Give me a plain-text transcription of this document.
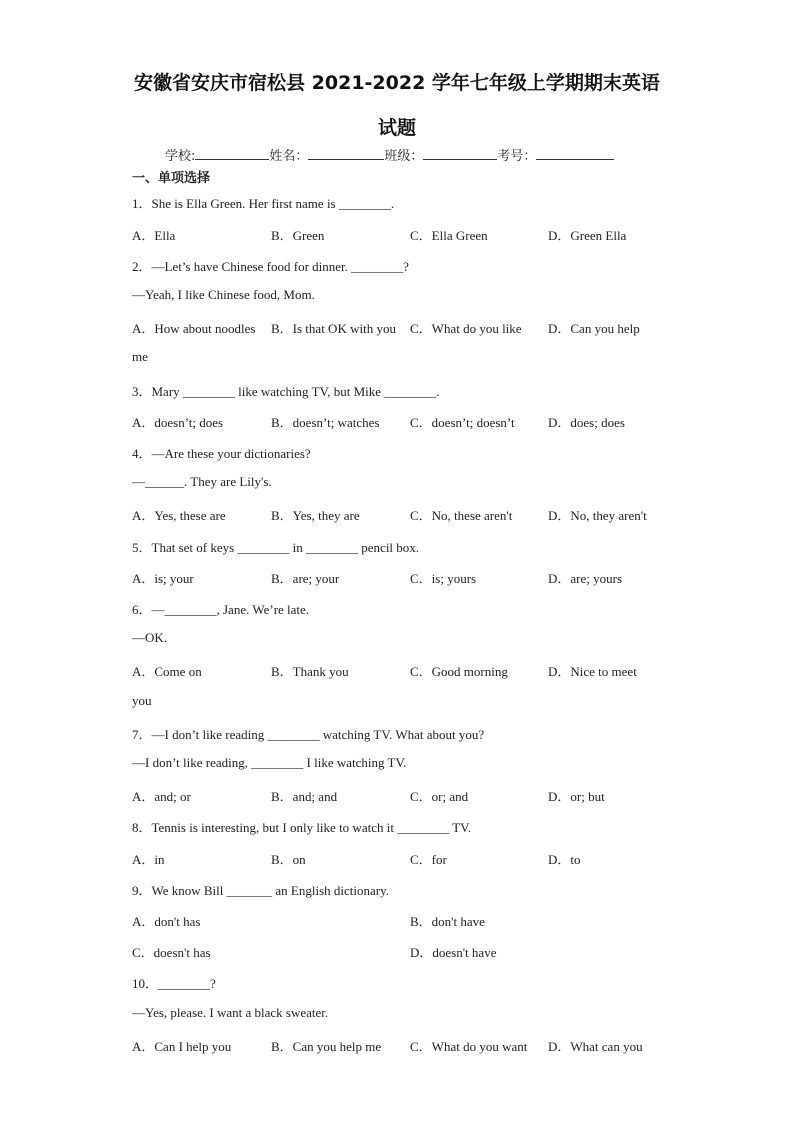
安徽省安庆市宿松县 2021-2022 学年七年级上学期期末英语
试题
学校:	姓名：	班级：	考号：
一、单项选择
1．She is Ella Green. Her first name is ________.
A．Ella	B．Green	C．Ella Green	D．Green Ella
2．—Let’s have Chinese food for dinner. ________?
—Yeah, I like Chinese food, Mom.
A．How about noodles B．Is that OK with you C．What do you like D．Can you help
me
3．Mary ________ like watching TV, but Mike ________.
A．doesn’t; does	B．doesn’t; watches C．doesn’t; doesn’t	D．does; does
4．—Are these your dictionaries?
—______. They are Lily's.
A．Yes, these are	B．Yes, they are	C．No, these aren't	D．No, they aren't
5．That set of keys ________ in ________ pencil box.
A．is; your	B．are; your	C．is; yours	D．are; yours
6．—________, Jane. We’re late.
—OK.
A．Come on	B．Thank you	C．Good morning	D．Nice to meet
you
7．—I don’t like reading ________ watching TV. What about you?
—I don’t like reading, ________ I like watching TV.
A．and; or	B．and; and	C．or; and	D．or; but
8．Tennis is interesting, but I only like to watch it ________ TV.
A．in	B．on	C．for	D．to
9．We know Bill _______ an English dictionary.
A．don't has	B．don't have
C．doesn't has	D．doesn't have
10．________?
—Yes, please. I want a black sweater.
A．Can I help you	B．Can you help me C．What do you want D．What can you
